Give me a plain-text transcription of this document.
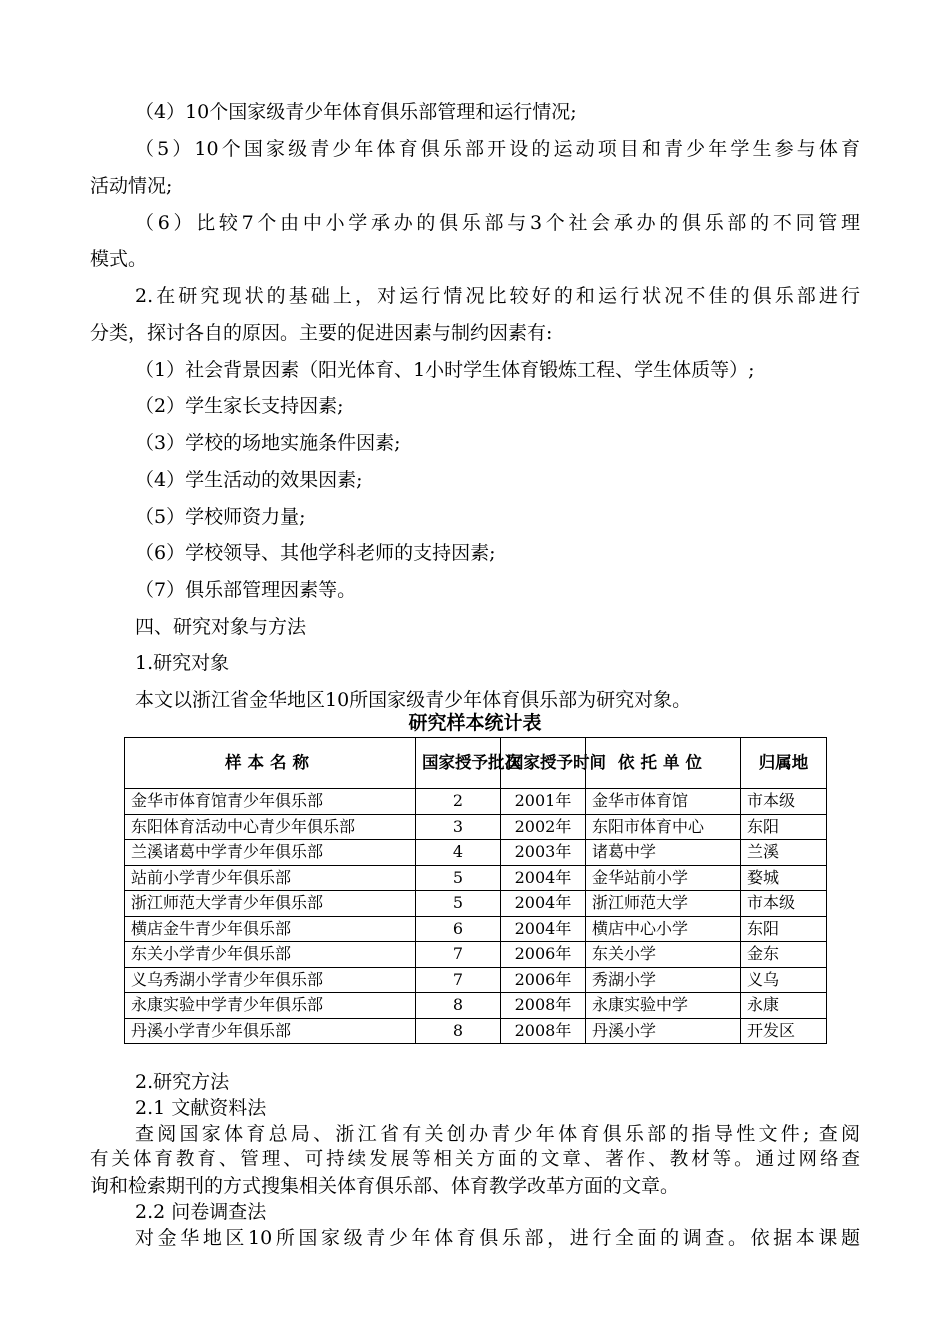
（4）10个国家级青少年体育俱乐部管理和运行情况;
（5）10个国家级青少年体育俱乐部开设的运动项目和青少年学生参与体育
活动情况;
（6）比较7个由中小学承办的俱乐部与3个社会承办的俱乐部的不同管理
模式。
2.在研究现状的基础上，对运行情况比较好的和运行状况不佳的俱乐部进行
分类，探讨各自的原因。主要的促进因素与制约因素有:
（1）社会背景因素（阳光体育、1小时学生体育锻炼工程、学生体质等）;
（2）学生家长支持因素;
（3）学校的场地实施条件因素;
（4）学生活动的效果因素;
（5）学校师资力量;
（6）学校领导、其他学科老师的支持因素;
（7）俱乐部管理因素等。
四、研究对象与方法
1.研究对象
本文以浙江省金华地区10所国家级青少年体育俱乐部为研究对象。
研究样本统计表
样本名称	国家授予批次	国家授予时间	依托单位	归属地
金华市体育馆青少年俱乐部	2	2001年	金华市体育馆	市本级
东阳体育活动中心青少年俱乐部	3	2002年	东阳市体育中心	东阳
兰溪诸葛中学青少年俱乐部	4	2003年	诸葛中学	兰溪
站前小学青少年俱乐部	5	2004年	金华站前小学	婺城
浙江师范大学青少年俱乐部	5	2004年	浙江师范大学	市本级
横店金牛青少年俱乐部	6	2004年	横店中心小学	东阳
东关小学青少年俱乐部	7	2006年	东关小学	金东
义乌秀湖小学青少年俱乐部	7	2006年	秀湖小学	义乌
永康实验中学青少年俱乐部	8	2008年	永康实验中学	永康
丹溪小学青少年俱乐部	8	2008年	丹溪小学	开发区
2.研究方法
2.1 文献资料法
查阅国家体育总局、浙江省有关创办青少年体育俱乐部的指导性文件; 查阅
有关体育教育、管理、可持续发展等相关方面的文章、著作、教材等。通过网络查
询和检索期刊的方式搜集相关体育俱乐部、体育教学改革方面的文章。
2.2 问卷调查法
对金华地区10所国家级青少年体育俱乐部，进行全面的调查。依据本课题
